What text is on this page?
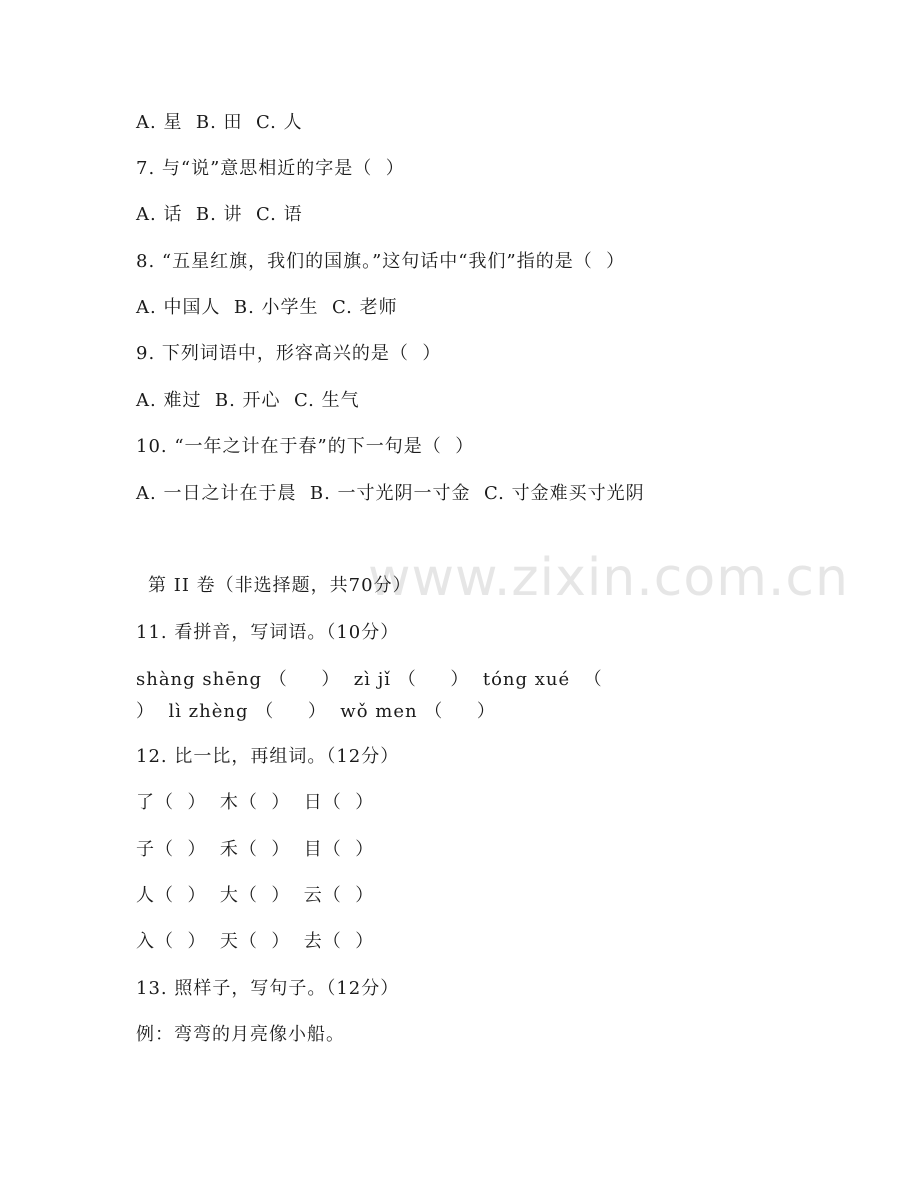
www.zixin.com.cn
A. 星  B. 田  C. 人
7. 与“说”意思相近的字是（  ）
A. 话  B. 讲  C. 语
8. “五星红旗，我们的国旗。”这句话中“我们”指的是（  ）
A. 中国人  B. 小学生  C. 老师
9. 下列词语中，形容高兴的是（  ）
A. 难过  B. 开心  C. 生气
10. “一年之计在于春”的下一句是（  ）
A. 一日之计在于晨  B. 一寸光阴一寸金  C. 寸金难买寸光阴
第 II 卷（非选择题，共70分）
11. 看拼音，写词语。（10分）
shàng shēng （     ）  zì jǐ （     ）  tóng xué  （
）  lì zhèng （     ）  wǒ men （     ）
12. 比一比，再组词。（12分）
了（  ）  木（  ）  日（  ）
子（  ）  禾（  ）  目（  ）
人（  ）  大（  ）  云（  ）
入（  ）  天（  ）  去（  ）
13. 照样子，写句子。（12分）
例：弯弯的月亮像小船。
